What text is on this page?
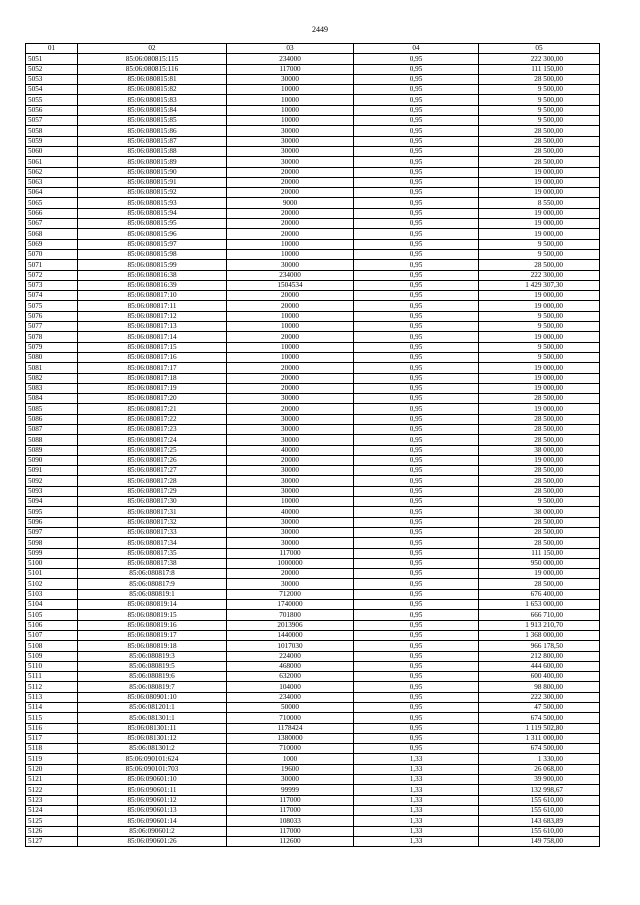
2449
01	02	03	04	05
5051	85:06:080815:115	234000	0,95	222 300,00
5052	85:06:080815:116	117000	0,95	111 150,00
5053	85:06:080815:81	30000	0,95	28 500,00
5054	85:06:080815:82	10000	0,95	9 500,00
5055	85:06:080815:83	10000	0,95	9 500,00
5056	85:06:080815:84	10000	0,95	9 500,00
5057	85:06:080815:85	10000	0,95	9 500,00
5058	85:06:080815:86	30000	0,95	28 500,00
5059	85:06:080815:87	30000	0,95	28 500,00
5060	85:06:080815:88	30000	0,95	28 500,00
5061	85:06:080815:89	30000	0,95	28 500,00
5062	85:06:080815:90	20000	0,95	19 000,00
5063	85:06:080815:91	20000	0,95	19 000,00
5064	85:06:080815:92	20000	0,95	19 000,00
5065	85:06:080815:93	9000	0,95	8 550,00
5066	85:06:080815:94	20000	0,95	19 000,00
5067	85:06:080815:95	20000	0,95	19 000,00
5068	85:06:080815:96	20000	0,95	19 000,00
5069	85:06:080815:97	10000	0,95	9 500,00
5070	85:06:080815:98	10000	0,95	9 500,00
5071	85:06:080815:99	30000	0,95	28 500,00
5072	85:06:080816:38	234000	0,95	222 300,00
5073	85:06:080816:39	1504534	0,95	1 429 307,30
5074	85:06:080817:10	20000	0,95	19 000,00
5075	85:06:080817:11	20000	0,95	19 000,00
5076	85:06:080817:12	10000	0,95	9 500,00
5077	85:06:080817:13	10000	0,95	9 500,00
5078	85:06:080817:14	20000	0,95	19 000,00
5079	85:06:080817:15	10000	0,95	9 500,00
5080	85:06:080817:16	10000	0,95	9 500,00
5081	85:06:080817:17	20000	0,95	19 000,00
5082	85:06:080817:18	20000	0,95	19 000,00
5083	85:06:080817:19	20000	0,95	19 000,00
5084	85:06:080817:20	30000	0,95	28 500,00
5085	85:06:080817:21	20000	0,95	19 000,00
5086	85:06:080817:22	30000	0,95	28 500,00
5087	85:06:080817:23	30000	0,95	28 500,00
5088	85:06:080817:24	30000	0,95	28 500,00
5089	85:06:080817:25	40000	0,95	38 000,00
5090	85:06:080817:26	20000	0,95	19 000,00
5091	85:06:080817:27	30000	0,95	28 500,00
5092	85:06:080817:28	30000	0,95	28 500,00
5093	85:06:080817:29	30000	0,95	28 500,00
5094	85:06:080817:30	10000	0,95	9 500,00
5095	85:06:080817:31	40000	0,95	38 000,00
5096	85:06:080817:32	30000	0,95	28 500,00
5097	85:06:080817:33	30000	0,95	28 500,00
5098	85:06:080817:34	30000	0,95	28 500,00
5099	85:06:080817:35	117000	0,95	111 150,00
5100	85:06:080817:38	1000000	0,95	950 000,00
5101	85:06:080817:8	20000	0,95	19 000,00
5102	85:06:080817:9	30000	0,95	28 500,00
5103	85:06:080819:1	712000	0,95	676 400,00
5104	85:06:080819:14	1740000	0,95	1 653 000,00
5105	85:06:080819:15	701800	0,95	666 710,00
5106	85:06:080819:16	2013906	0,95	1 913 210,70
5107	85:06:080819:17	1440000	0,95	1 368 000,00
5108	85:06:080819:18	1017030	0,95	966 178,50
5109	85:06:080819:3	224000	0,95	212 800,00
5110	85:06:080819:5	468000	0,95	444 600,00
5111	85:06:080819:6	632000	0,95	600 400,00
5112	85:06:080819:7	104000	0,95	98 800,00
5113	85:06:080901:10	234000	0,95	222 300,00
5114	85:06:081201:1	50000	0,95	47 500,00
5115	85:06:081301:1	710000	0,95	674 500,00
5116	85:06:081301:11	1178424	0,95	1 119 502,80
5117	85:06:081301:12	1380000	0,95	1 311 000,00
5118	85:06:081301:2	710000	0,95	674 500,00
5119	85:06:090101:624	1000	1,33	1 330,00
5120	85:06:090101:703	19600	1,33	26 068,00
5121	85:06:090601:10	30000	1,33	39 900,00
5122	85:06:090601:11	99999	1,33	132 998,67
5123	85:06:090601:12	117000	1,33	155 610,00
5124	85:06:090601:13	117000	1,33	155 610,00
5125	85:06:090601:14	108033	1,33	143 683,89
5126	85:06:090601:2	117000	1,33	155 610,00
5127	85:06:090601:26	112600	1,33	149 758,00
